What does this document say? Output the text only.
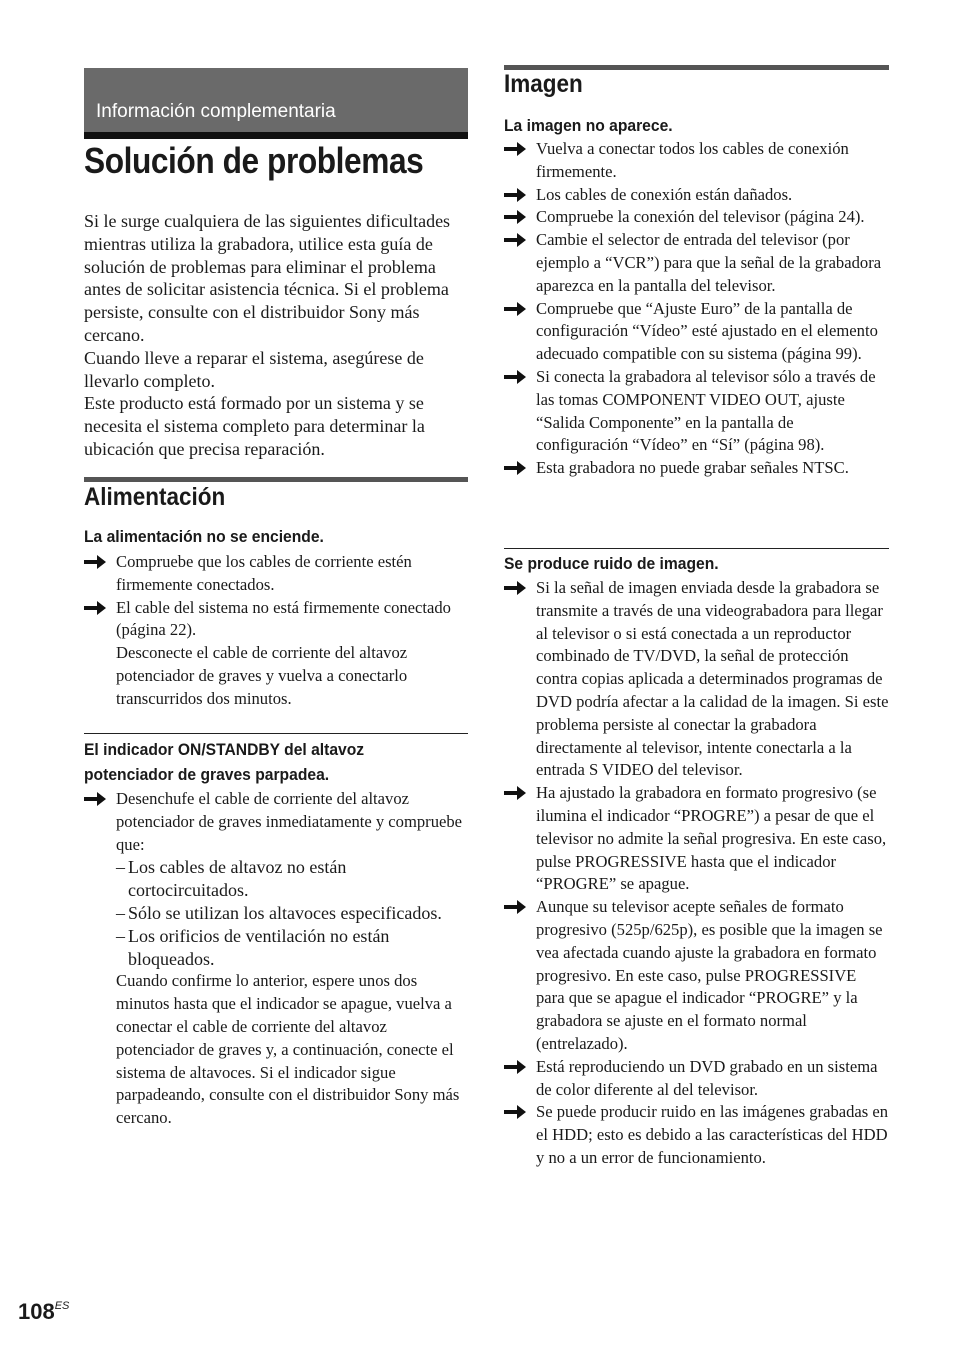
Información complementaria
Solución de problemas

Si le surge cualquiera de las siguientes dificultades mientras utiliza la grabadora, utilice esta guía de solución de problemas para eliminar el problema antes de solicitar asistencia técnica. Si el problema persiste, consulte con el distribuidor Sony más cercano.

Cuando lleve a reparar el sistema, asegúrese de llevarlo completo.

Este producto está formado por un sistema y se necesita el sistema completo para determinar la ubicación que precisa reparación.

Alimentación
La alimentación no se enciende.
Compruebe que los cables de corriente estén firmemente conectados.
El cable del sistema no está firmemente conectado (página 22).
Desconecte el cable de corriente del altavoz potenciador de graves y vuelva a conectarlo transcurridos dos minutos.
El indicador ON/STANDBY del altavoz
potenciador de graves parpadea.
Desenchufe el cable de corriente del altavoz potenciador de graves inmediatamente y compruebe que:
– Los cables de altavoz no están cortocircuitados.
– Sólo se utilizan los altavoces especificados.
– Los orificios de ventilación no están bloqueados.
Cuando confirme lo anterior, espere unos dos minutos hasta que el indicador se apague, vuelva a conectar el cable de corriente del altavoz potenciador de graves y, a continuación, conecte el sistema de altavoces. Si el indicador sigue parpadeando, consulte con el distribuidor Sony más cercano.
Imagen
La imagen no aparece.
Vuelva a conectar todos los cables de conexión firmemente.
Los cables de conexión están dañados.
Compruebe la conexión del televisor (página 24).
Cambie el selector de entrada del televisor (por ejemplo a “VCR”) para que la señal de la grabadora aparezca en la pantalla del televisor.
Compruebe que “Ajuste Euro” de la pantalla de configuración “Vídeo” esté ajustado en el elemento adecuado compatible con su sistema (página 99).
Si conecta la grabadora al televisor sólo a través de las tomas COMPONENT VIDEO OUT, ajuste “Salida Componente” en la pantalla de configuración “Vídeo” en “Sí” (página 98).
Esta grabadora no puede grabar señales NTSC.
Se produce ruido de imagen.
Si la señal de imagen enviada desde la grabadora se transmite a través de una videograbadora para llegar al televisor o si está conectada a un reproductor combinado de TV/DVD, la señal de protección contra copias aplicada a determinados programas de DVD podría afectar a la calidad de la imagen. Si este problema persiste al conectar la grabadora directamente al televisor, intente conectarla a la entrada S VIDEO del televisor.
Ha ajustado la grabadora en formato progresivo (se ilumina el indicador “PROGRE”) a pesar de que el televisor no admite la señal progresiva. En este caso, pulse PROGRESSIVE hasta que el indicador “PROGRE” se apague.
Aunque su televisor acepte señales de formato progresivo (525p/625p), es posible que la imagen se vea afectada cuando ajuste la grabadora en formato progresivo. En este caso, pulse PROGRESSIVE para que se apague el indicador “PROGRE” y la grabadora se ajuste en el formato normal (entrelazado).
Está reproduciendo un DVD grabado en un sistema de color diferente al del televisor.
Se puede producir ruido en las imágenes grabadas en el HDD; esto es debido a las características del HDD y no a un error de funcionamiento.
$108^{ES}$
